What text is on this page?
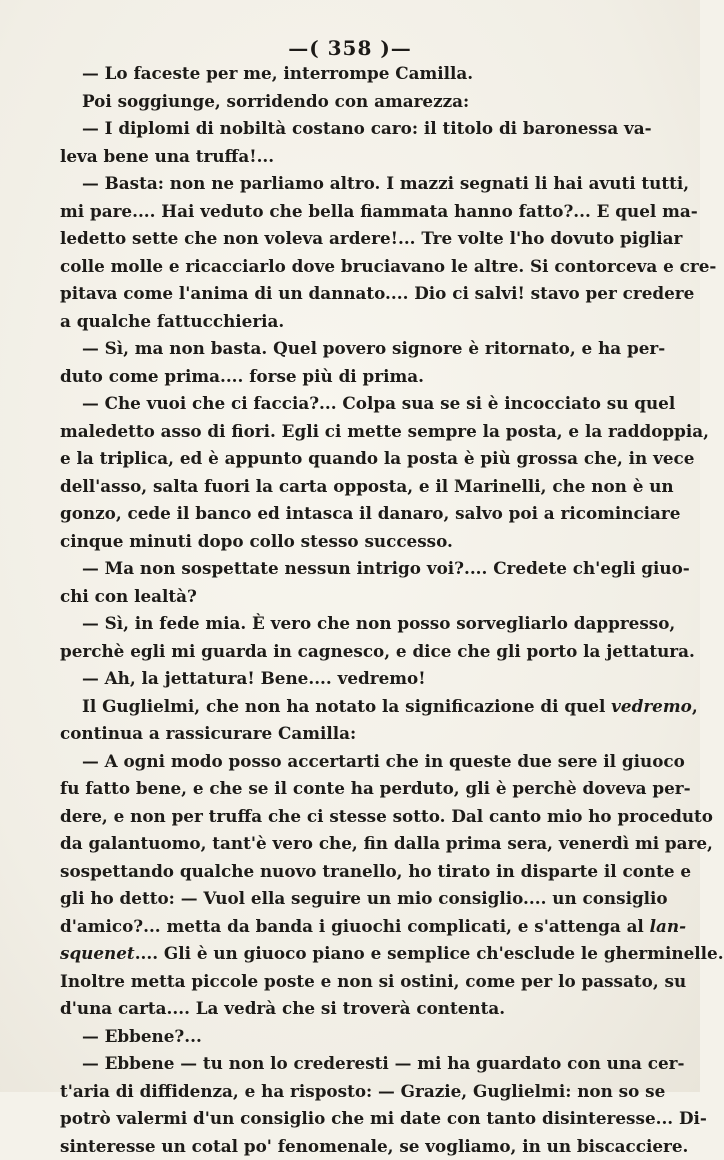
—( 358 )—
— Lo faceste per me, interrompe Camilla.
Poi soggiunge, sorridendo con amarezza:
— I diplomi di nobiltà costano caro: il titolo di baronessa va-
leva bene una truffa!...
— Basta: non ne parliamo altro. I mazzi segnati li hai avuti tutti,
mi pare.... Hai veduto che bella fiammata hanno fatto?... E quel ma-
ledetto sette che non voleva ardere!... Tre volte l'ho dovuto pigliar
colle molle e ricacciarlo dove bruciavano le altre. Si contorceva e cre-
pitava come l'anima di un dannato.... Dio ci salvi! stavo per credere
a qualche fattucchieria.
— Sì, ma non basta. Quel povero signore è ritornato, e ha per-
duto come prima.... forse più di prima.
— Che vuoi che ci faccia?... Colpa sua se si è incocciato su quel
maledetto asso di fiori. Egli ci mette sempre la posta, e la raddoppia,
e la triplica, ed è appunto quando la posta è più grossa che, in vece
dell'asso, salta fuori la carta opposta, e il Marinelli, che non è un
gonzo, cede il banco ed intasca il danaro, salvo poi a ricominciare
cinque minuti dopo collo stesso successo.
— Ma non sospettate nessun intrigo voi?.... Credete ch'egli giuo-
chi con lealtà?
— Sì, in fede mia. È vero che non posso sorvegliarlo dappresso,
perchè egli mi guarda in cagnesco, e dice che gli porto la jettatura.
— Ah, la jettatura! Bene.... vedremo!
Il Guglielmi, che non ha notato la significazione di quel vedremo,
continua a rassicurare Camilla:
— A ogni modo posso accertarti che in queste due sere il giuoco
fu fatto bene, e che se il conte ha perduto, gli è perchè doveva per-
dere, e non per truffa che ci stesse sotto. Dal canto mio ho proceduto
da galantuomo, tant'è vero che, fin dalla prima sera, venerdì mi pare,
sospettando qualche nuovo tranello, ho tirato in disparte il conte e
gli ho detto: — Vuol ella seguire un mio consiglio.... un consiglio
d'amico?... metta da banda i giuochi complicati, e s'attenga al lan-
squenet.... Gli è un giuoco piano e semplice ch'esclude le gherminelle.
Inoltre metta piccole poste e non si ostini, come per lo passato, su
d'una carta.... La vedrà che si troverà contenta.
— Ebbene?...
— Ebbene — tu non lo crederesti — mi ha guardato con una cer-
t'aria di diffidenza, e ha risposto: — Grazie, Guglielmi: non so se
potrò valermi d'un consiglio che mi date con tanto disinteresse... Di-
sinteresse un cotal po' fenomenale, se vogliamo, in un biscacciere.
